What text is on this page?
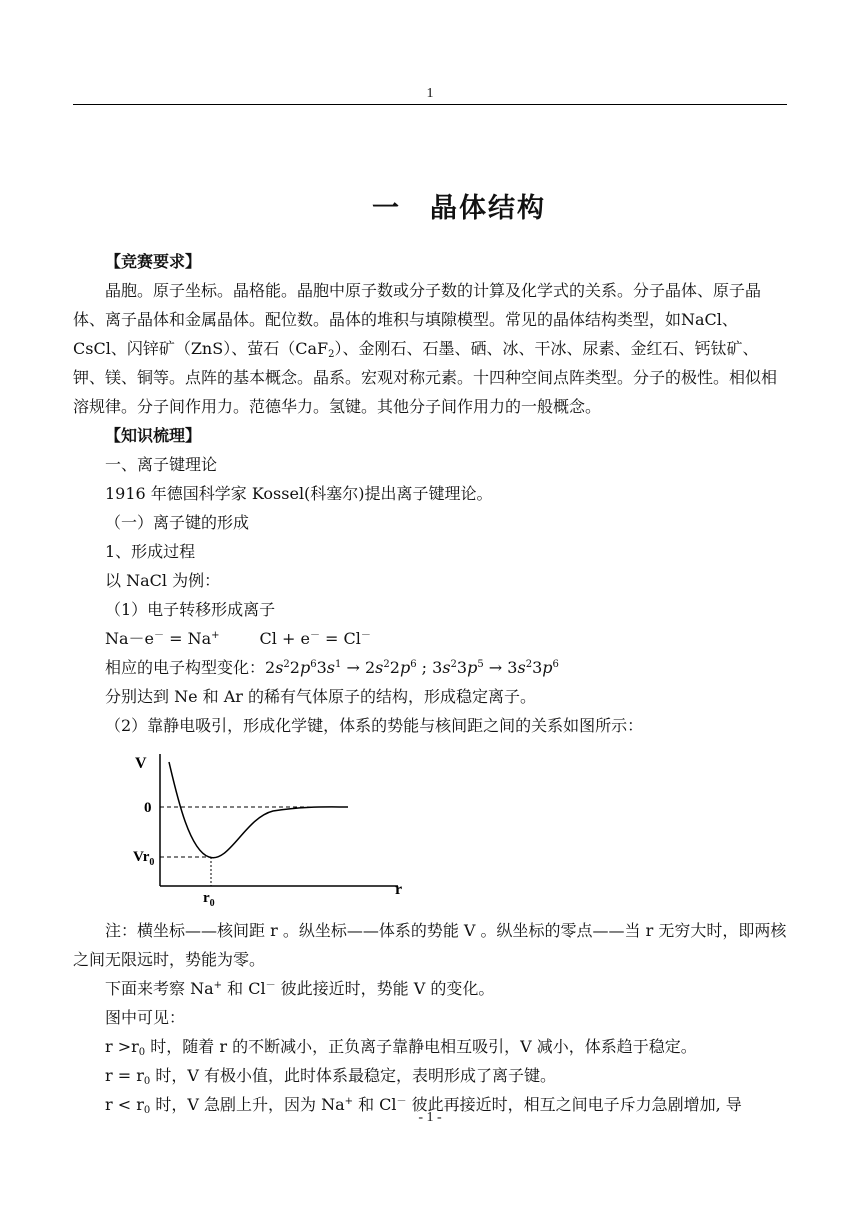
1
一　晶体结构

【竞赛要求】

晶胞。原子坐标。晶格能。晶胞中原子数或分子数的计算及化学式的关系。分子晶体、原子晶体、离子晶体和金属晶体。配位数。晶体的堆积与填隙模型。常见的晶体结构类型，如NaCl、CsCl、闪锌矿（ZnS）、萤石（CaF$_2$）、金刚石、石墨、硒、冰、干冰、尿素、金红石、钙钛矿、钾、镁、铜等。点阵的基本概念。晶系。宏观对称元素。十四种空间点阵类型。分子的极性。相似相溶规律。分子间作用力。范德华力。氢键。其他分子间作用力的一般概念。

【知识梳理】

一、离子键理论

1916 年德国科学家 Kossel(科塞尔)提出离子键理论。

（一）离子键的形成

1、形成过程

以 NaCl 为例：

（1）电子转移形成离子

Na－e－ = Na+	Cl + e－ = Cl－

相应的电子构型变化：$2s^22p^63s^1 \to 2s^22p^6$ ; $3s^23p^5 \to 3s^23p^6$

分别达到 Ne 和 Ar 的稀有气体原子的结构，形成稳定离子。

（2）靠静电吸引，形成化学键，体系的势能与核间距之间的关系如图所示：

V
0
$Vr_0$
$r_0$
r

注：横坐标——核间距 r 。纵坐标——体系的势能 V 。纵坐标的零点——当 r 无穷大时，即两核之间无限远时，势能为零。

下面来考察 Na+ 和 Cl－ 彼此接近时，势能 V 的变化。

图中可见：

$r >r_0$ 时，随着 r 的不断减小，正负离子靠静电相互吸引，V 减小，体系趋于稳定。

$r = r_0$ 时，V 有极小值，此时体系最稳定，表明形成了离子键。

$r < r_0$ 时，V 急剧上升，因为 Na+ 和 Cl－ 彼此再接近时，相互之间电子斥力急剧增加, 导

- 1 -
